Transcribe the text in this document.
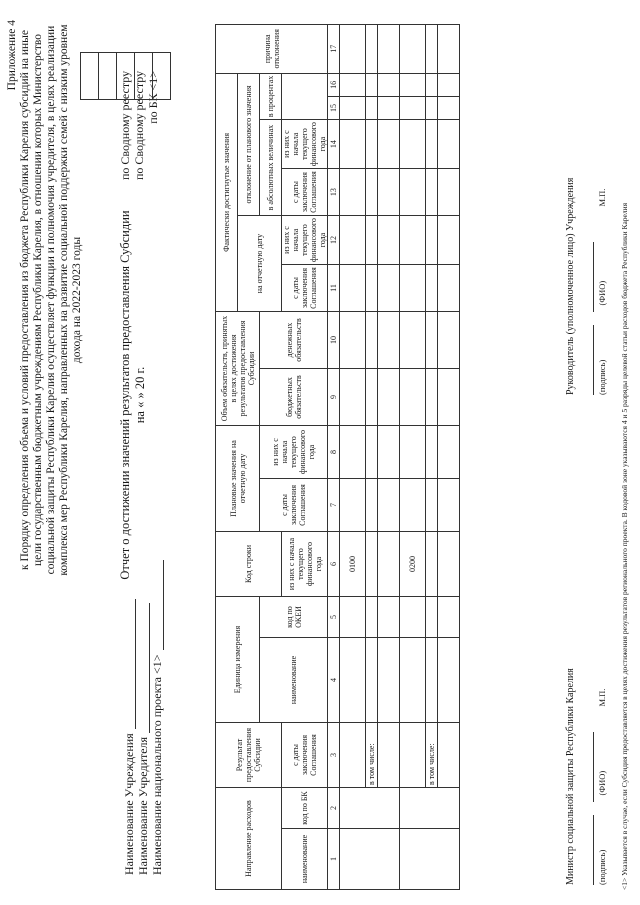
Приложение 4 к Порядку определения объема и условий предоставления из бюджета Республики Карелия субсидий на иные цели государственным бюджетным учреждениям Республики Карелия, в отношении которых Министерство социальной защиты Республики Карелия осуществляет функции и полномочия учредителя, в целях реализации комплекса мер Республики Карелия, направленных на развитие социальной поддержки семей с низким уровнем дохода на 2022-2023 годы
Наименование Учреждения Наименование Учредителя Наименование национального проекта <1>
Отчет о достижении значений результатов предоставления Субсидии на « » 20 г.
по Сводному реестру по Сводному реестру по БК <1>
Направление расходов		Результат предоставления Субсидии	Единица измерения		Код строки	Плановые значения на отчетную дату		Объем обязательств, принятых в целях достижения результатов предоставления Субсидии		Фактически достигнутые значения						причина отклонения
										на отчетную дату		отклонение от планового значения				
			наименование	код по ОКЕИ		с даты заключения Соглашения	из них с начала текущего финансового года	бюджетных обязательств	денежных обязательств			в абсолютных величинах		в процентах		
наименование	код по БК	с даты заключения Соглашения			из них с начала текущего финансового года					с даты заключения Соглашения	из них с начала текущего финансового года	с даты заключения Соглашения	из них с начала текущего финансового года			
1	2	3	4	5	6	7	8	9	10	11	12	13	14	15	16	17
					0100											
		в том числе:														

					0200											
		в том числе:														
															Министр социальной защиты Республики Карелия
(подпись)  (ФИО)  М.П.
Руководитель (уполномоченное лицо) Учреждения
(подпись)  (ФИО)  М.П.
<1> Указывается в случае, если Субсидия предоставляется в целях достижения результатов регионального проекта. В кодовой зоне указываются 4 и 5 разряды целевой статьи расходов бюджета Республики Карелия
